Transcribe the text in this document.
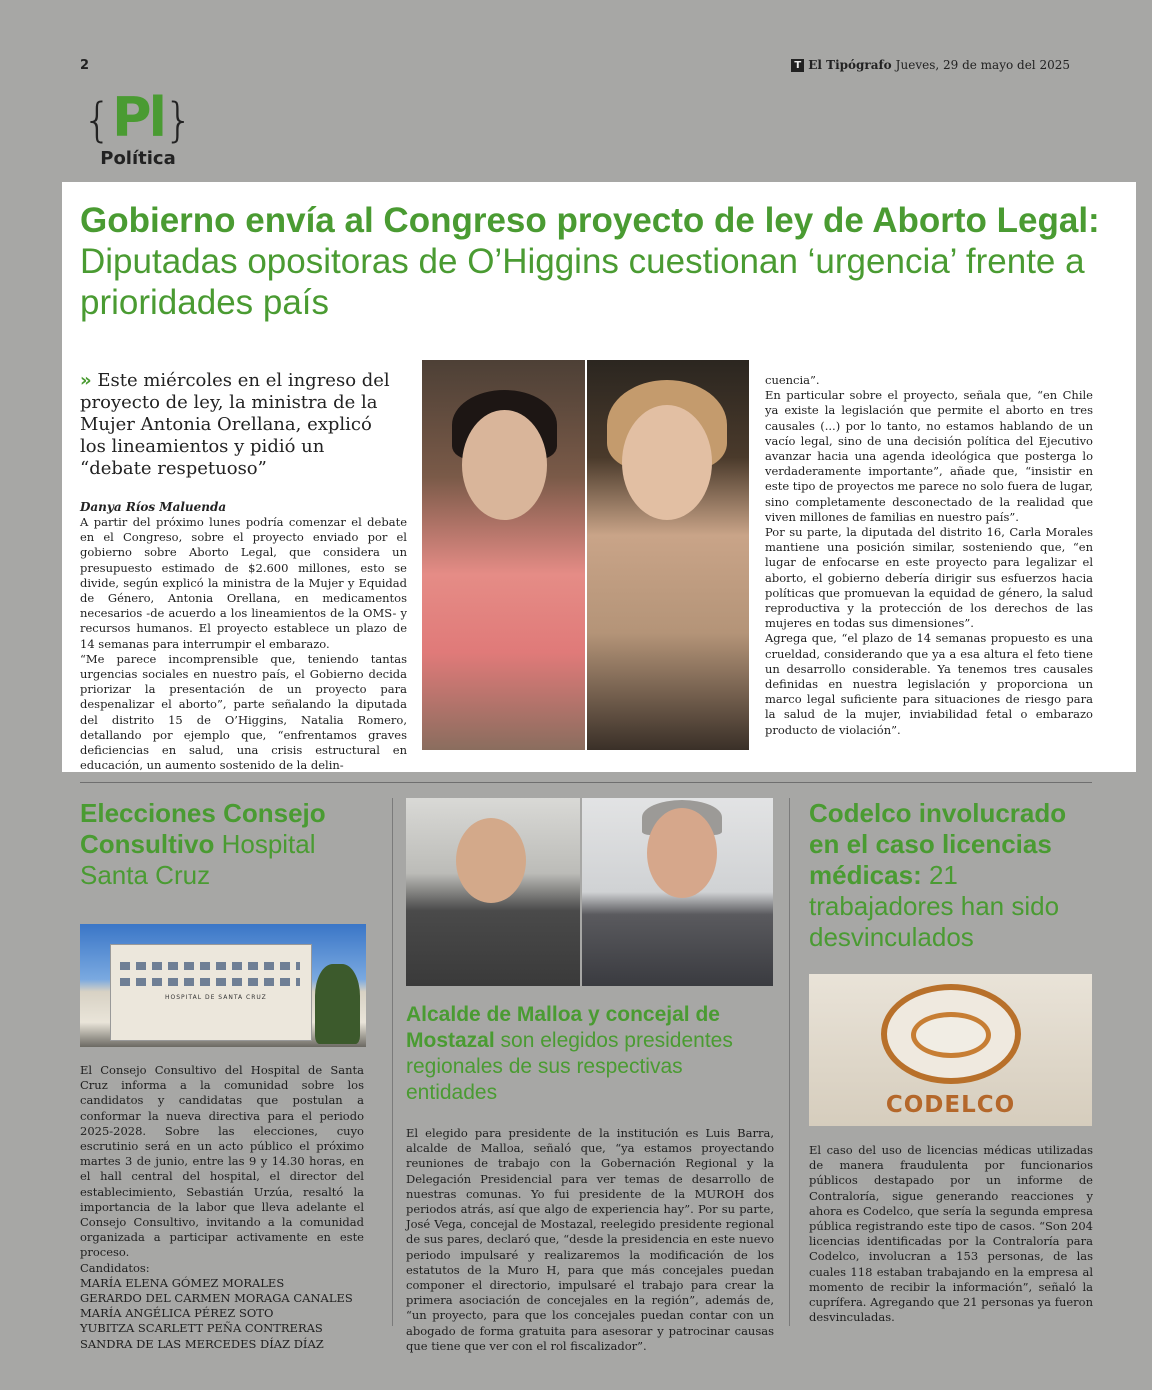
2	T El Tipógrafo Jueves, 29 de mayo del 2025
{Pl}
Política
Gobierno envía al Congreso proyecto de ley de Aborto Legal: Diputadas opositoras de O’Higgins cuestionan ‘urgencia’ frente a prioridades país
» Este miércoles en el ingreso del proyecto de ley, la ministra de la Mujer Antonia Orellana, explicó los lineamientos y pidió un “debate respetuoso”
Danya Ríos Maluenda

A partir del próximo lunes podría comenzar el debate en el Congreso, sobre el proyecto enviado por el gobierno sobre Aborto Legal, que considera un presupuesto estimado de $2.600 millones, esto se divide, según explicó la ministra de la Mujer y Equidad de Género, Antonia Orellana, en medicamentos necesarios -de acuerdo a los lineamientos de la OMS- y recursos humanos. El proyecto establece un plazo de 14 semanas para interrumpir el embarazo.

“Me parece incomprensible que, teniendo tantas urgencias sociales en nuestro país, el Gobierno decida priorizar la presentación de un proyecto para despenalizar el aborto”, parte señalando la diputada del distrito 15 de O’Higgins, Natalia Romero, detallando por ejemplo que, “enfrentamos graves deficiencias en salud, una crisis estructural en educación, un aumento sostenido de la delin-

cuencia”.

En particular sobre el proyecto, señala que, “en Chile ya existe la legislación que permite el aborto en tres causales (...) por lo tanto, no estamos hablando de un vacío legal, sino de una decisión política del Ejecutivo avanzar hacia una agenda ideológica que posterga lo verdaderamente importante”, añade que, “insistir en este tipo de proyectos me parece no solo fuera de lugar, sino completamente desconectado de la realidad que viven millones de familias en nuestro país”.

Por su parte, la diputada del distrito 16, Carla Morales mantiene una posición similar, sosteniendo que, “en lugar de enfocarse en este proyecto para legalizar el aborto, el gobierno debería dirigir sus esfuerzos hacia políticas que promuevan la equidad de género, la salud reproductiva y la protección de los derechos de las mujeres en todas sus dimensiones”.

Agrega que, “el plazo de 14 semanas propuesto es una crueldad, considerando que ya a esa altura el feto tiene un desarrollo considerable. Ya tenemos tres causales definidas en nuestra legislación y proporciona un marco legal suficiente para situaciones de riesgo para la salud de la mujer, inviabilidad fetal o embarazo producto de violación”.

Elecciones Consejo Consultivo Hospital Santa Cruz
HOSPITAL DE SANTA CRUZ

El Consejo Consultivo del Hospital de Santa Cruz informa a la comunidad sobre los candidatos y candidatas que postulan a conformar la nueva directiva para el periodo 2025-2028. Sobre las elecciones, cuyo escrutinio será en un acto público el próximo martes 3 de junio, entre las 9 y 14.30 horas, en el hall central del hospital, el director del establecimiento, Sebastián Urzúa, resaltó la importancia de la labor que lleva adelante el Consejo Consultivo, invitando a la comunidad organizada a participar activamente en este proceso.

Candidatos:

MARÍA ELENA GÓMEZ MORALES

GERARDO DEL CARMEN MORAGA CANALES

MARÍA ANGÉLICA PÉREZ SOTO

YUBITZA SCARLETT PEÑA CONTRERAS

SANDRA DE LAS MERCEDES DÍAZ DÍAZ

Alcalde de Malloa y concejal de Mostazal son elegidos presidentes regionales de sus respectivas entidades

El elegido para presidente de la institución es Luis Barra, alcalde de Malloa, señaló que, “ya estamos proyectando reuniones de trabajo con la Gobernación Regional y la Delegación Presidencial para ver temas de desarrollo de nuestras comunas. Yo fui presidente de la MUROH dos periodos atrás, así que algo de experiencia hay”. Por su parte, José Vega, concejal de Mostazal, reelegido presidente regional de sus pares, declaró que, “desde la presidencia en este nuevo periodo impulsaré y realizaremos la modificación de los estatutos de la Muro H, para que más concejales puedan componer el directorio, impulsaré el trabajo para crear la primera asociación de concejales en la región”, además de, “un proyecto, para que los concejales puedan contar con un abogado de forma gratuita para asesorar y patrocinar causas que tiene que ver con el rol fiscalizador”.

Codelco involucrado en el caso licencias médicas: 21 trabajadores han sido desvinculados
CODELCO

El caso del uso de licencias médicas utilizadas de manera fraudulenta por funcionarios públicos destapado por un informe de Contraloría, sigue generando reacciones y ahora es Codelco, que sería la segunda empresa pública registrando este tipo de casos. “Son 204 licencias identificadas por la Contraloría para Codelco, involucran a 153 personas, de las cuales 118 estaban trabajando en la empresa al momento de recibir la información”, señaló la cuprífera. Agregando que 21 personas ya fueron desvinculadas.
